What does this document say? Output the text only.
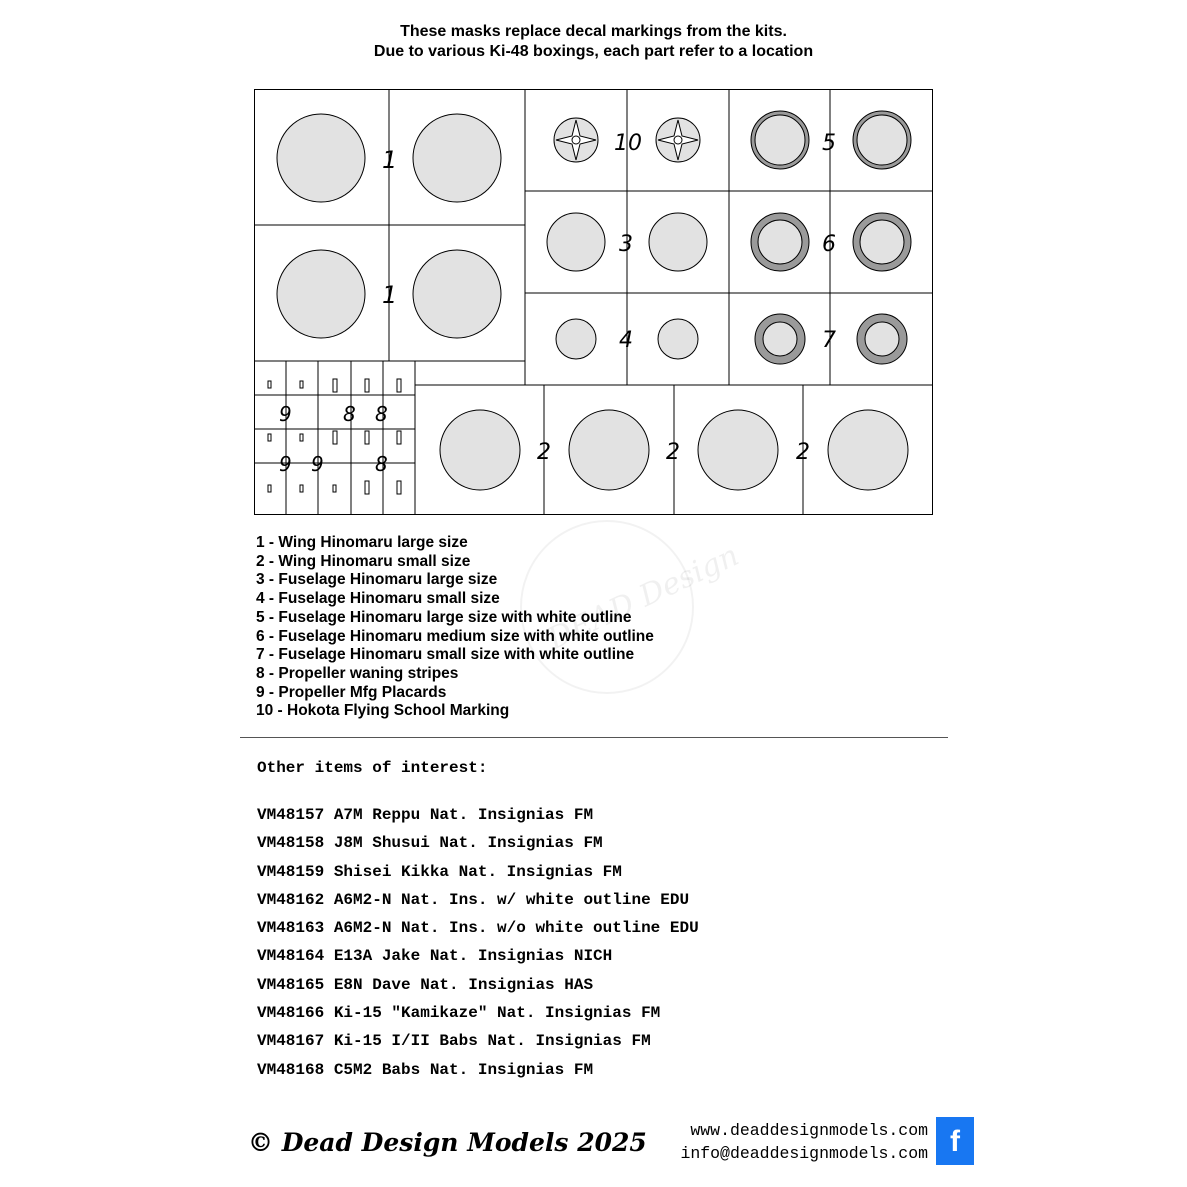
These masks replace decal markings from the kits.
Due to various Ki-48 boxings, each part refer to a location
1
1
10	5
3	6
4	7
2	2	2
9	8 8
9 9	8
DEAD Design
1 - Wing Hinomaru large size
2 - Wing Hinomaru small size
3 - Fuselage Hinomaru large size
4 - Fuselage Hinomaru small size
5 - Fuselage Hinomaru large size with white outline
6 - Fuselage Hinomaru medium size with white outline
7 - Fuselage Hinomaru small size with white outline
8 - Propeller waning stripes
9 - Propeller Mfg Placards
10 - Hokota Flying School Marking
Other items of interest:
VM48157 A7M Reppu Nat. Insignias FM
VM48158 J8M Shusui Nat. Insignias FM
VM48159 Shisei Kikka Nat. Insignias FM
VM48162 A6M2-N Nat. Ins. w/ white outline EDU
VM48163 A6M2-N Nat. Ins. w/o white outline EDU
VM48164 E13A Jake Nat. Insignias NICH
VM48165 E8N Dave Nat. Insignias HAS
VM48166 Ki-15 "Kamikaze" Nat. Insignias FM
VM48167 Ki-15 I/II Babs Nat. Insignias FM
VM48168 C5M2 Babs Nat. Insignias FM
© Dead Design Models 2025	www.deaddesignmodels.com
info@deaddesignmodels.com f
